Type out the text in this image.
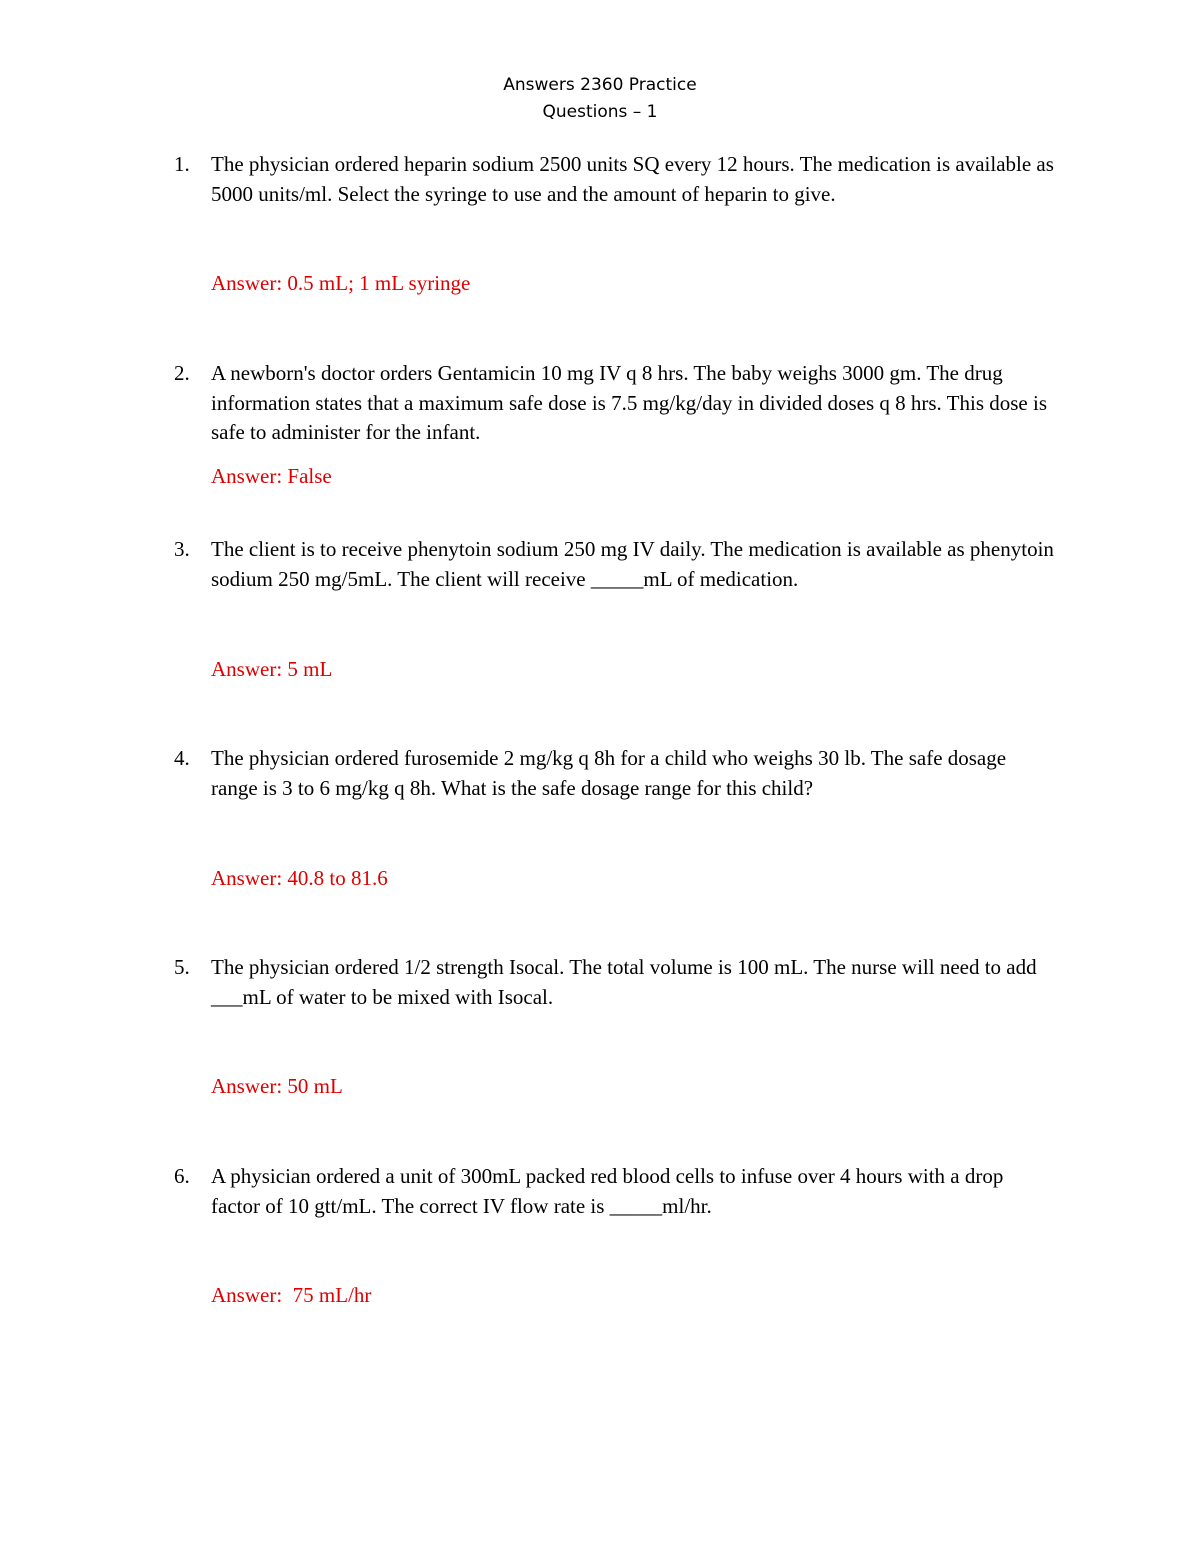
Answers 2360 Practice
Questions – 1
1.	The physician ordered heparin sodium 2500 units SQ every 12 hours. The medication is available as 5000 units/ml. Select the syringe to use and the amount of heparin to give.
Answer: 0.5 mL; 1 mL syringe
2.	A newborn's doctor orders Gentamicin 10 mg IV q 8 hrs. The baby weighs 3000 gm. The drug information states that a maximum safe dose is 7.5 mg/kg/day in divided doses q 8 hrs. This dose is safe to administer for the infant.
Answer: False
3.	The client is to receive phenytoin sodium 250 mg IV daily. The medication is available as phenytoin sodium 250 mg/5mL. The client will receive _____mL of medication.
Answer: 5 mL
4.	The physician ordered furosemide 2 mg/kg q 8h for a child who weighs 30 lb. The safe dosage range is 3 to 6 mg/kg q 8h. What is the safe dosage range for this child?
Answer: 40.8 to 81.6
5.	The physician ordered 1/2 strength Isocal. The total volume is 100 mL. The nurse will need to add ___mL of water to be mixed with Isocal.
Answer: 50 mL
6.	A physician ordered a unit of 300mL packed red blood cells to infuse over 4 hours with a drop factor of 10 gtt/mL. The correct IV flow rate is _____ml/hr.
Answer:  75 mL/hr
